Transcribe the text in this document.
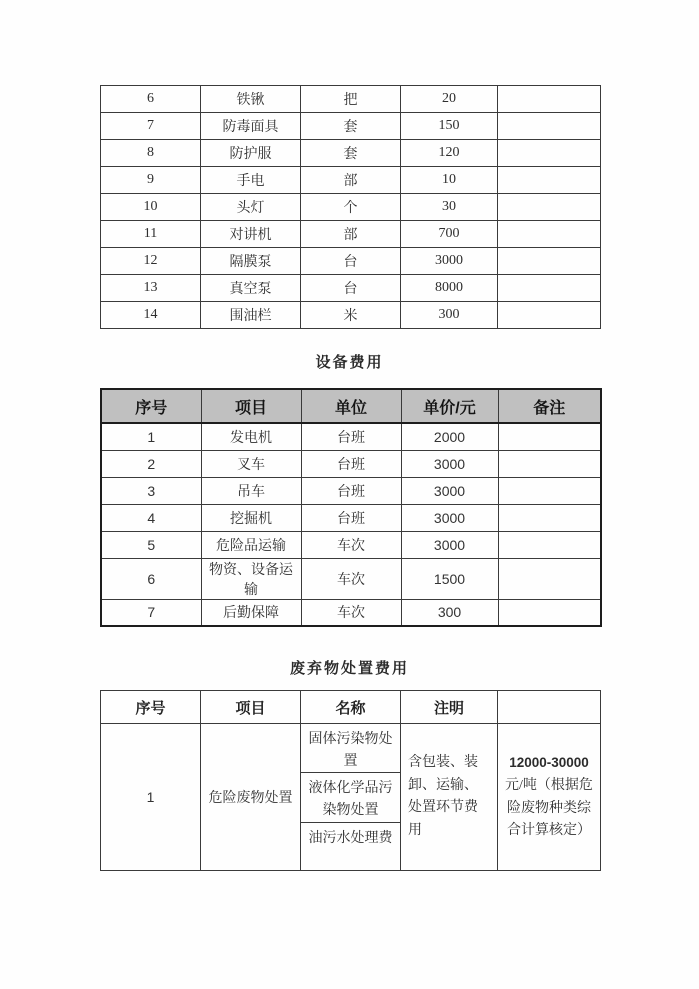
6	铁锹	把	20	
7	防毒面具	套	150	
8	防护服	套	120	
9	手电	部	10	
10	头灯	个	30	
11	对讲机	部	700	
12	隔膜泵	台	3000	
13	真空泵	台	8000	
14	围油栏	米	300	
设备费用
序号	项目	单位	单价/元	备注
1	发电机	台班	2000	
2	叉车	台班	3000	
3	吊车	台班	3000	
4	挖掘机	台班	3000	
5	危险品运输	车次	3000	
6	物资、设备运输	车次	1500	
7	后勤保障	车次	300	
废弃物处置费用
序号	项目	名称	注明	
1	危险废物处置	固体污染物处置	含包装、装卸、运输、处置环节费用	12000-30000 元/吨（根据危险废物种类综合计算核定）
		液体化学品污染物处置		
		油污水处理费		
